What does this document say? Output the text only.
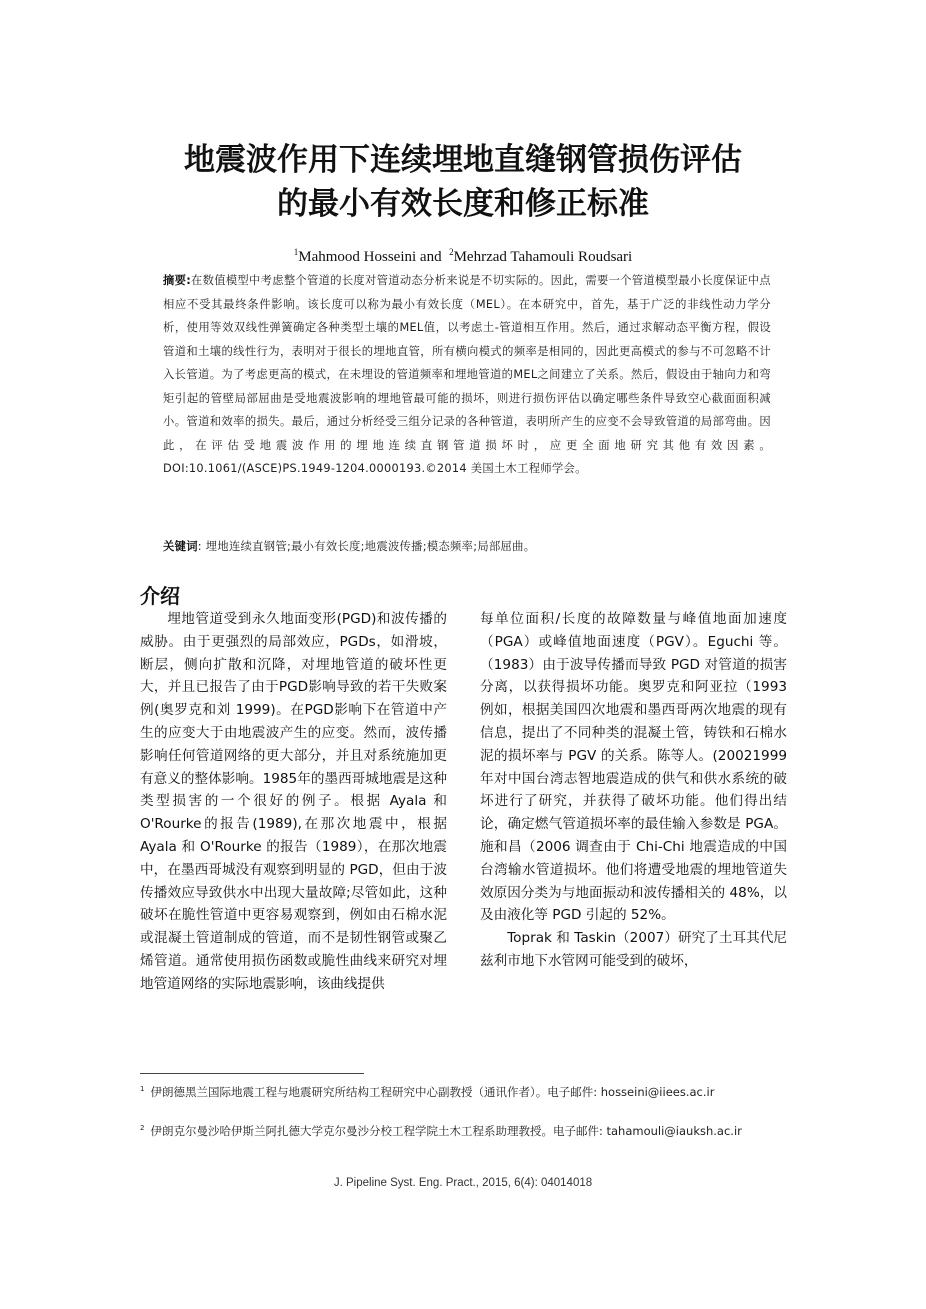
地震波作用下连续埋地直缝钢管损伤评估
的最小有效长度和修正标准
$^1$Mahmood Hosseini and $^2$Mehrzad Tahamouli Roudsari
摘要:在数值模型中考虑整个管道的长度对管道动态分析来说是不切实际的。因此，需要一个管道模型最小长度保证中点相应不受其最终条件影响。该长度可以称为最小有效长度（MEL）。在本研究中，首先，基于广泛的非线性动力学分析，使用等效双线性弹簧确定各种类型土壤的MEL值，以考虑土-管道相互作用。然后，通过求解动态平衡方程，假设管道和土壤的线性行为，表明对于很长的埋地直管，所有横向模式的频率是相同的，因此更高模式的参与不可忽略不计入长管道。为了考虑更高的模式，在未埋设的管道频率和埋地管道的MEL之间建立了关系。然后，假设由于轴向力和弯矩引起的管壁局部屈曲是受地震波影响的埋地管最可能的损坏，则进行损伤评估以确定哪些条件导致空心截面面积减小。管道和效率的损失。最后，通过分析经受三组分记录的各种管道，表明所产生的应变不会导致管道的局部弯曲。因此，在评估受地震波作用的埋地连续直钢管道损坏时，应更全面地研究其他有效因素。DOI:10.1061/(ASCE)PS.1949-1204.0000193.©2014 美国土木工程师学会。
关键词: 埋地连续直钢管;最小有效长度;地震波传播;模态频率;局部屈曲。
介绍

埋地管道受到永久地面变形(PGD)和波传播的威胁。由于更强烈的局部效应，PGDs，如滑坡，断层，侧向扩散和沉降，对埋地管道的破坏性更大，并且已报告了由于PGD影响导致的若干失败案例(奥罗克和刘 1999)。在PGD影响下在管道中产生的应变大于由地震波产生的应变。然而，波传播影响任何管道网络的更大部分，并且对系统施加更有意义的整体影响。1985年的墨西哥城地震是这种类型损害的一个很好的例子。根据 Ayala 和O'Rourke的报告(1989),在那次地震中，根据 Ayala 和 O'Rourke 的报告（1989），在那次地震中，在墨西哥城没有观察到明显的 PGD，但由于波传播效应导致供水中出现大量故障;尽管如此，这种破坏在脆性管道中更容易观察到，例如由石棉水泥或混凝土管道制成的管道，而不是韧性钢管或聚乙烯管道。通常使用损伤函数或脆性曲线来研究对埋地管道网络的实际地震影响，该曲线提供

每单位面积/长度的故障数量与峰值地面加速度（PGA）或峰值地面速度（PGV）。Eguchi 等。（1983）由于波导传播而导致 PGD 对管道的损害分离，以获得损坏功能。奥罗克和阿亚拉（1993 例如，根据美国四次地震和墨西哥两次地震的现有信息，提出了不同种类的混凝土管，铸铁和石棉水泥的损坏率与 PGV 的关系。陈等人。(20021999 年对中国台湾志智地震造成的供气和供水系统的破坏进行了研究，并获得了破坏功能。他们得出结论，确定燃气管道损坏率的最佳输入参数是 PGA。施和昌（2006 调查由于 Chi-Chi 地震造成的中国台湾输水管道损坏。他们将遭受地震的埋地管道失效原因分类为与地面振动和波传播相关的 48%，以及由液化等 PGD 引起的 52%。

Toprak 和 Taskin（2007）研究了土耳其代尼兹利市地下水管网可能受到的破坏，

$^1$ 伊朗德黑兰国际地震工程与地震研究所结构工程研究中心副教授（通讯作者）。电子邮件: hosseini@iiees.ac.ir
$^2$ 伊朗克尔曼沙哈伊斯兰阿扎德大学克尔曼沙分校工程学院土木工程系助理教授。电子邮件: tahamouli@iauksh.ac.ir
J. Pipeline Syst. Eng. Pract., 2015, 6(4): 04014018
